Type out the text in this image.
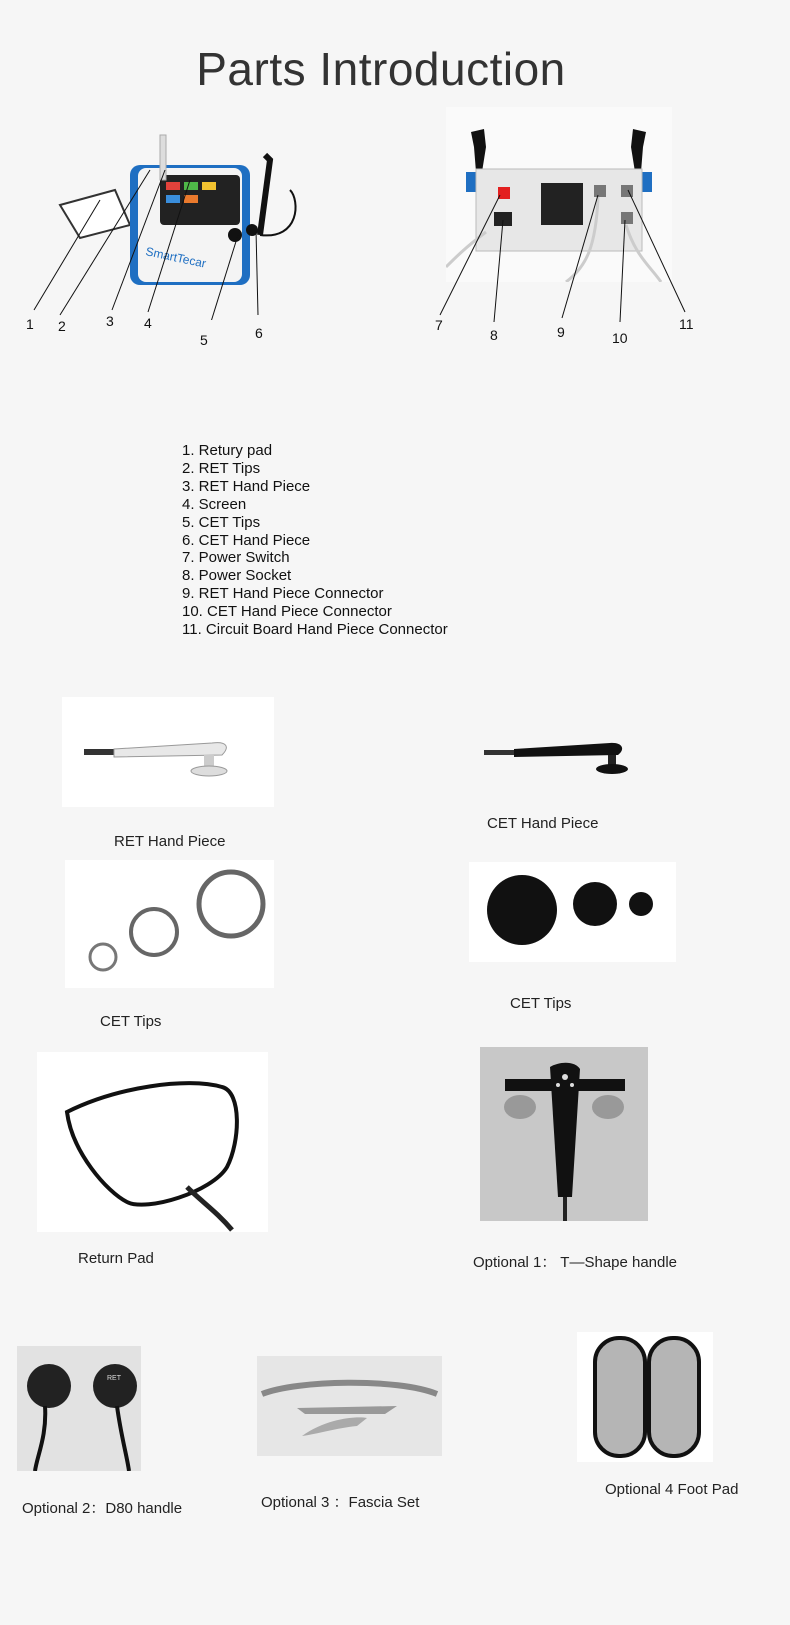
Parts Introduction
SmartTecar
1 2	3 4
5	6	7
8	9	10
11
1. Retury pad
2. RET Tips
3. RET Hand Piece
4. Screen
5. CET Tips
6. CET Hand Piece
7. Power Switch
8. Power Socket
9. RET Hand Piece Connector
10. CET Hand Piece Connector
11. Circuit Board Hand Piece Connector
RET Hand Piece
CET Hand Piece
CET Tips
CET Tips
Return Pad	Optional 1： T—Shape handle
RET
Optional 2：D80 handle	Optional 3 ：Fascia Set
Optional 4 Foot Pad
